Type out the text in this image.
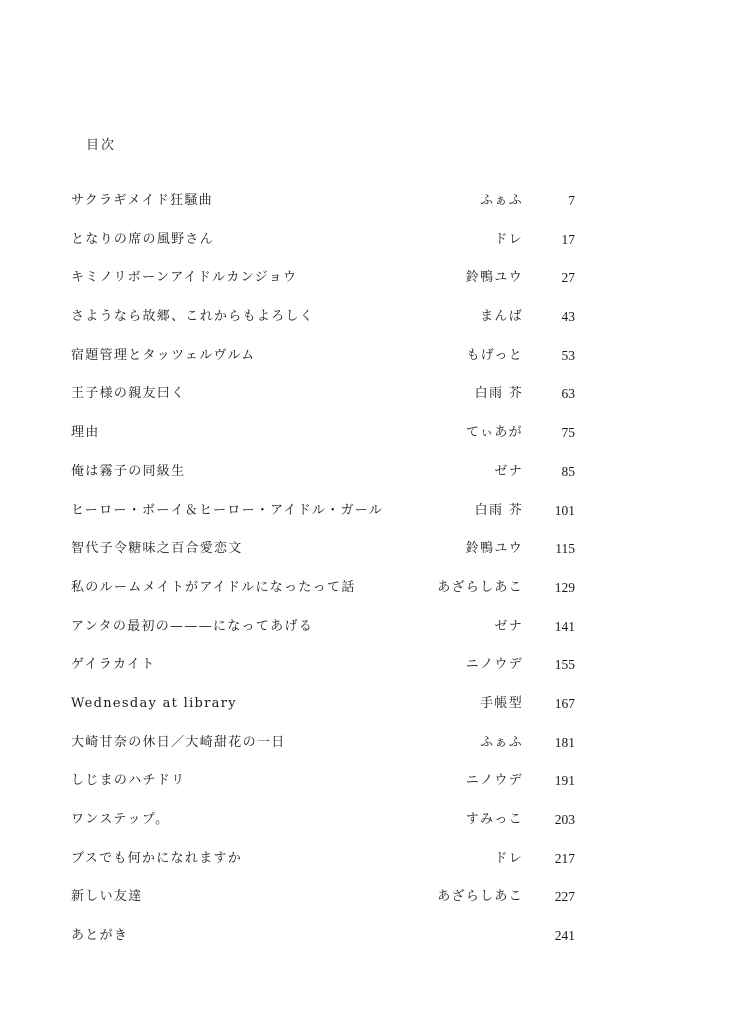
目次
サクラギメイド狂騒曲	ふぁふ	7
となりの席の風野さん	ドレ	17
キミノリボーンアイドルカンジョウ	鈴鴨ユウ	27
さようなら故郷、これからもよろしく	まんば	43
宿題管理とタッツェルヴルム	もげっと	53
王子様の親友曰く	白雨 芥	63
理由	てぃあが	75
俺は霧子の同級生	ゼナ	85
ヒーロー・ボーイ＆ヒーロー・アイドル・ガール	白雨 芥 101
智代子令糖味之百合愛恋文	鈴鴨ユウ 115
私のルームメイトがアイドルになったって話	あざらしあこ 129
アンタの最初の———になってあげる	ゼナ 141
ゲイラカイト	ニノウデ 155
Wednesday at library	手帳型 167
大崎甘奈の休日／大崎甜花の一日	ふぁふ 181
しじまのハチドリ	ニノウデ 191
ワンステップ。	すみっこ 203
ブスでも何かになれますか	ドレ 217
新しい友達	あざらしあこ 227
あとがき	241
